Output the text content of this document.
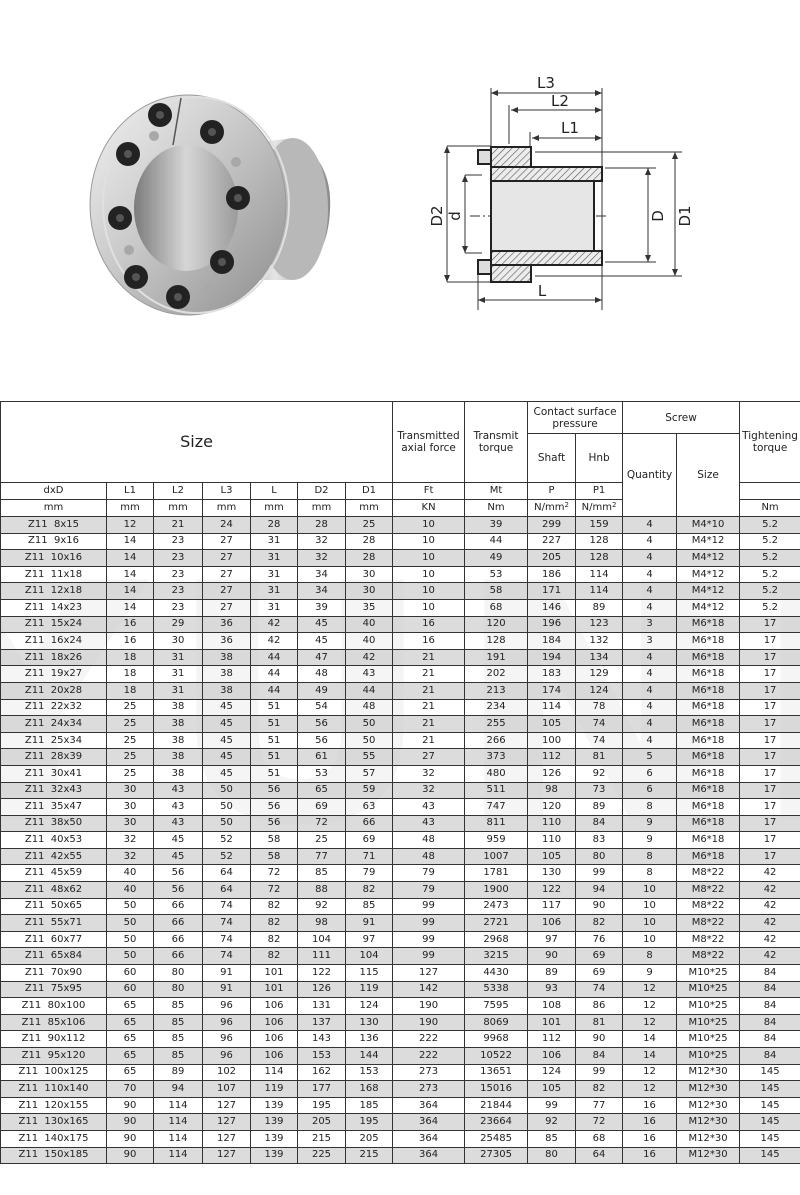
L3
L2
L1
L
D2 d	D D1
Size							Transmitted axial force	Transmit torque	Contact surface pressure		Screw		Tightening torque
									Shaft	Hnb	Quantity	Size	

dxD	L1	L2	L3	L	D2	D1	Ft	Mt	P	P1			
mm	mm	mm	mm	mm	mm	mm	KN	Nm	$N/mm^2$	$N/mm^2$			Nm
Z11  8x15	12	21	24	28	28	25	10	39	299	159	4	M4*10	5.2
Z11  9x16	14	23	27	31	32	28	10	44	227	128	4	M4*12	5.2
Z11  10x16	14	23	27	31	32	28	10	49	205	128	4	M4*12	5.2
Z11  11x18	14	23	27	31	34	30	10	53	186	114	4	M4*12	5.2
Z11  12x18	14	23	27	31	34	30	10	58	171	114	4	M4*12	5.2
Z11  14x23	14	23	27	31	39	35	10	68	146	89	4	M4*12	5.2
Z11  15x24	16	29	36	42	45	40	16	120	196	123	3	M6*18	17
Z11  16x24	16	30	36	42	45	40	16	128	184	132	3	M6*18	17
Z11  18x26	18	31	38	44	47	42	21	191	194	134	4	M6*18	17
Z11  19x27	18	31	38	44	48	43	21	202	183	129	4	M6*18	17
Z11  20x28	18	31	38	44	49	44	21	213	174	124	4	M6*18	17
Z11  22x32	25	38	45	51	54	48	21	234	114	78	4	M6*18	17
Z11  24x34	25	38	45	51	56	50	21	255	105	74	4	M6*18	17
Z11  25x34	25	38	45	51	56	50	21	266	100	74	4	M6*18	17
Z11  28x39	25	38	45	51	61	55	27	373	112	81	5	M6*18	17
Z11  30x41	25	38	45	51	53	57	32	480	126	92	6	M6*18	17
Z11  32x43	30	43	50	56	65	59	32	511	98	73	6	M6*18	17
Z11  35x47	30	43	50	56	69	63	43	747	120	89	8	M6*18	17
Z11  38x50	30	43	50	56	72	66	43	811	110	84	9	M6*18	17
Z11  40x53	32	45	52	58	25	69	48	959	110	83	9	M6*18	17
Z11  42x55	32	45	52	58	77	71	48	1007	105	80	8	M6*18	17
Z11  45x59	40	56	64	72	85	79	79	1781	130	99	8	M8*22	42
Z11  48x62	40	56	64	72	88	82	79	1900	122	94	10	M8*22	42
Z11  50x65	50	66	74	82	92	85	99	2473	117	90	10	M8*22	42
Z11  55x71	50	66	74	82	98	91	99	2721	106	82	10	M8*22	42
Z11  60x77	50	66	74	82	104	97	99	2968	97	76	10	M8*22	42
Z11  65x84	50	66	74	82	111	104	99	3215	90	69	8	M8*22	42
Z11  70x90	60	80	91	101	122	115	127	4430	89	69	9	M10*25	84
Z11  75x95	60	80	91	101	126	119	142	5338	93	74	12	M10*25	84
Z11  80x100	65	85	96	106	131	124	190	7595	108	86	12	M10*25	84
Z11  85x106	65	85	96	106	137	130	190	8069	101	81	12	M10*25	84
Z11  90x112	65	85	96	106	143	136	222	9968	112	90	14	M10*25	84
Z11  95x120	65	85	96	106	153	144	222	10522	106	84	14	M10*25	84
Z11  100x125	65	89	102	114	162	153	273	13651	124	99	12	M12*30	145
Z11  110x140	70	94	107	119	177	168	273	15016	105	82	12	M12*30	145
Z11  120x155	90	114	127	139	195	185	364	21844	99	77	16	M12*30	145
Z11  130x165	90	114	127	139	205	195	364	23664	92	72	16	M12*30	145
Z11  140x175	90	114	127	139	215	205	364	25485	85	68	16	M12*30	145
Z11  150x185	90	114	127	139	225	215	364	27305	80	64	16	M12*30	145
